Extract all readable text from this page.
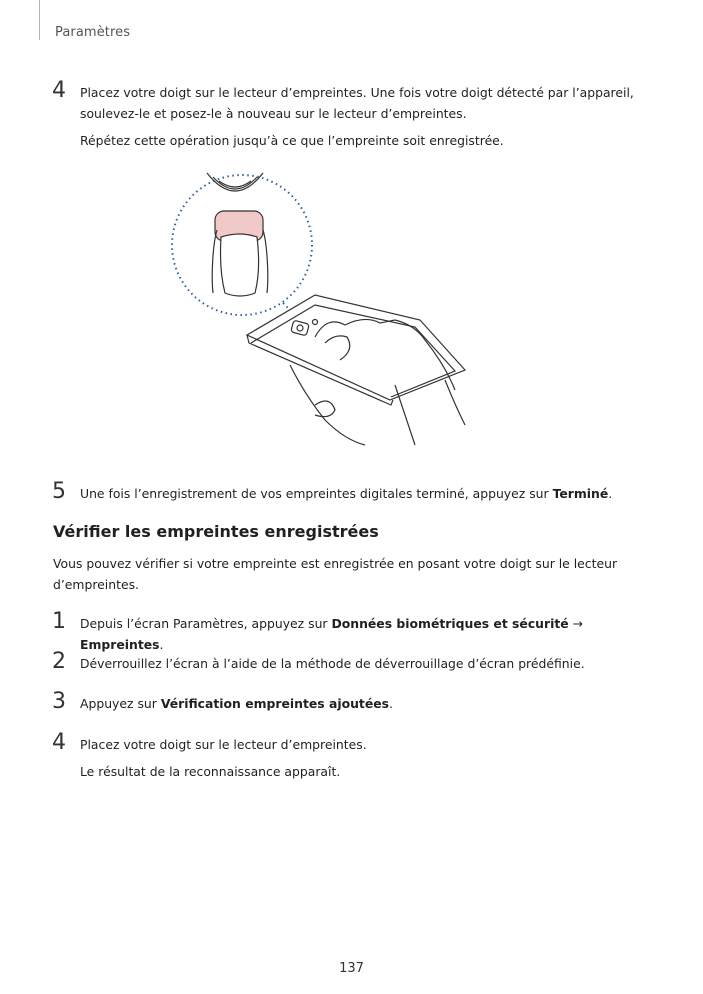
Paramètres
4 Placez votre doigt sur le lecteur d’empreintes. Une fois votre doigt détecté par l’appareil,
soulevez-le et posez-le à nouveau sur le lecteur d’empreintes.

Répétez cette opération jusqu’à ce que l’empreinte soit enregistrée.

5 Une fois l’enregistrement de vos empreintes digitales terminé, appuyez sur Terminé.

Vérifier les empreintes enregistrées

Vous pouvez vérifier si votre empreinte est enregistrée en posant votre doigt sur le lecteur
d’empreintes.

1 Depuis l’écran Paramètres, appuyez sur Données biométriques et sécurité → Empreintes.

2 Déverrouillez l’écran à l’aide de la méthode de déverrouillage d’écran prédéfinie.

3 Appuyez sur Vérification empreintes ajoutées.

4 Placez votre doigt sur le lecteur d’empreintes.

Le résultat de la reconnaissance apparaît.

137
